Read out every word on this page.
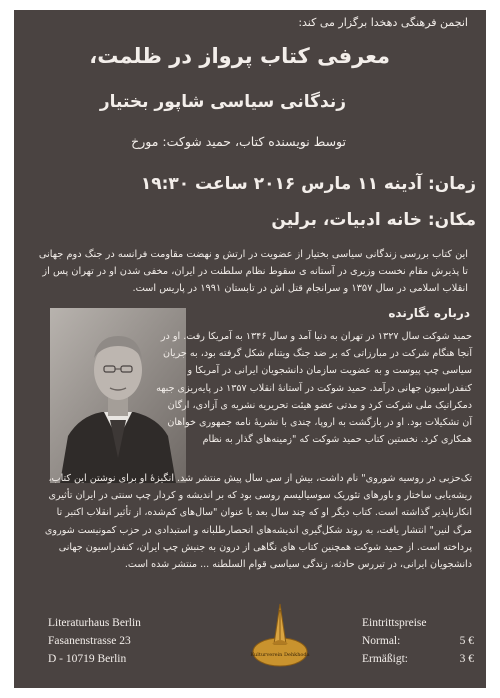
انجمن فرهنگی دهخدا برگزار می کند:
معرفی کتاب پرواز در ظلمت،
زندگانی سیاسی شاپور بختیار
توسط نویسنده کتاب، حمید شوکت: مورخ
زمان: آدینه ۱۱ مارس ۲۰۱۶ ساعت ۱۹:۳۰
مکان: خانه ادبیات، برلین
این کتاب بررسی زندگانی سیاسی بختیار از عضویت در ارتش و نهضت مقاومت فرانسه در جنگ دوم جهانی تا پذیرش مقام نخست وزیری در آستانه ی سقوط نظام سلطنت در ایران، مخفی شدن او در تهران پس از انقلاب اسلامی در سال ۱۳۵۷ و سرانجام قتل اش در تابستان ۱۹۹۱ در پاریس است.
درباره نگارنده
حمید شوکت سال ۱۳۲۷ در تهران به دنیا آمد و سال ۱۳۴۶ به آمریکا رفت. او در آنجا هنگام شرکت در مبارزاتی که بر ضد جنگ ویتنام شکل گرفته بود، به جریان سیاسی چپ پیوست و به عضویت سازمان دانشجویان ایرانی در آمریکا و کنفدراسیون جهانی درآمد. حمید شوکت در آستانهٔ انقلاب ۱۳۵۷ در پایه‌ریزی جبهه دمکراتیک ملی شرکت کرد و مدتی عضو هیئت تحریریه نشریه ی آزادی، ارگان آن تشکیلات بود. او در بازگشت به اروپا، چندی با نشریهٔ نامه جمهوری خواهان همکاری کرد. نخستین کتاب حمید شوکت که "زمینه‌های گذار به نظام
تک‌حزبی در روسیه شوروی" نام داشت، بیش از سی سال پیش منتشر شد. انگیزهٔ او برای نوشتن این کتاب، ریشه‌یابی ساختار و باورهای تئوریک سوسیالیسم روسی بود که بر اندیشه و کردار چپ سنتی در ایران تأثیری انکارناپذیر گذاشته است. کتاب دیگر او که چند سال بعد با عنوان "سال‌های کم‌شده، از تأثیر انقلاب اکتبر تا مرگ لنین" انتشار یافت، به روند شکل‌گیری اندیشه‌های انحصارطلبانه و استبدادی در حزب کمونیست شوروی پرداخته است. از حمید شوکت همچنین کتاب های نگاهی از درون به جنبش چپ ایران، کنفدراسیون جهانی دانشجویان ایرانی، در تیررس حادثه، زندگی سیاسی قوام السلطنه ... منتشر شده است.
Literaturhaus Berlin
Fasanenstrasse 23
D - 10719 Berlin	Kulturverein Dehkhoda
Eintrittspreise
Normal:	5 €
Ermäßigt:	3 €
